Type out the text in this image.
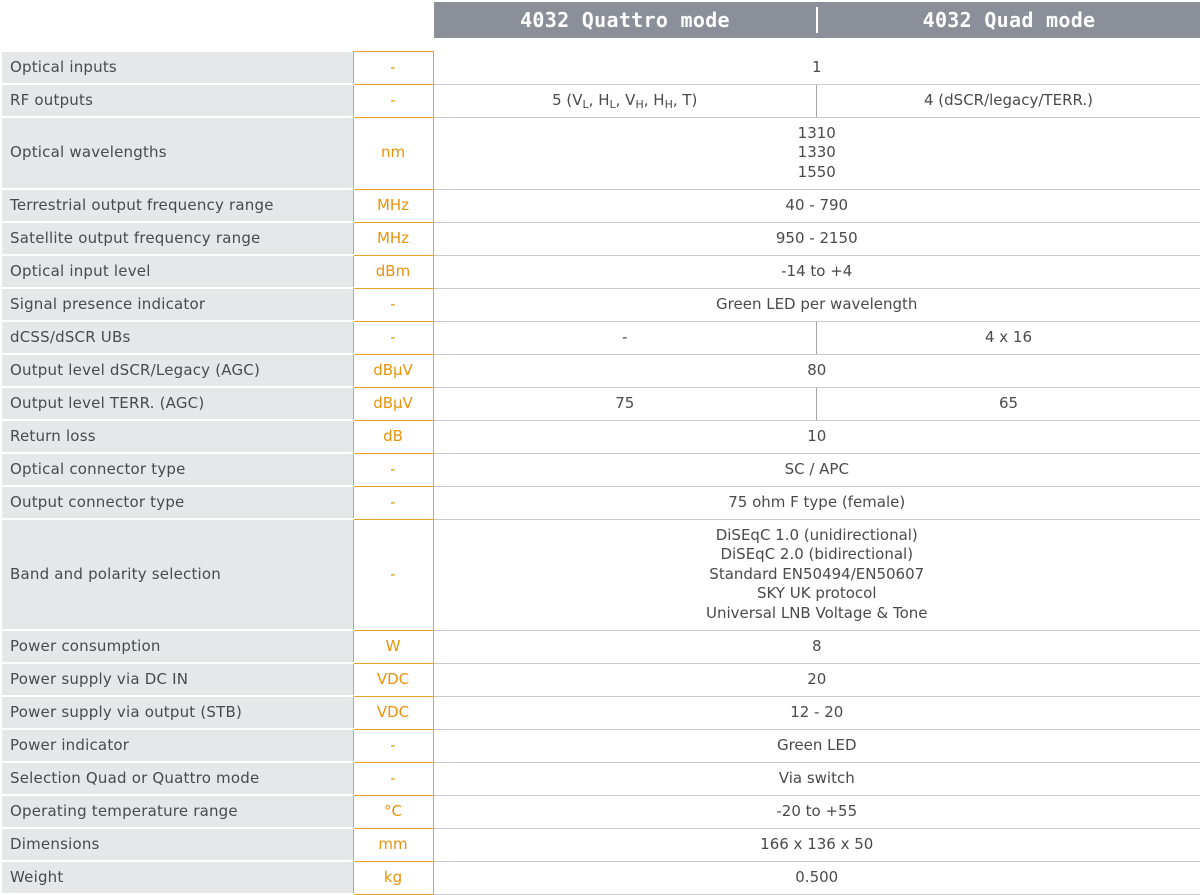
4032 Quattro mode	4032 Quad mode
Optical inputs	-	1	
RF outputs	-	5 ($V_L$, $H_L$, $V_H$, $H_H$, T)	4 (dSCR/legacy/TERR.)
Optical wavelengths	nm	1310
1330
1550	

Terrestrial output frequency range	MHz	40 - 790	
Satellite output frequency range	MHz	950 - 2150	
Optical input level	dBm	-14 to +4	
Signal presence indicator	-	Green LED per wavelength	
dCSS/dSCR UBs	-	-	4 x 16
Output level dSCR/Legacy (AGC)	dBµV	80	
Output level TERR. (AGC)	dBµV	75	65
Return loss	dB	10	
Optical connector type	-	SC / APC	
Output connector type	-	75 ohm F type (female)	
Band and polarity selection	-	DiSEqC 1.0 (unidirectional)
DiSEqC 2.0 (bidirectional)
Standard EN50494/EN50607
SKY UK protocol
Universal LNB Voltage & Tone	

Power consumption	W	8	
Power supply via DC IN	VDC	20	
Power supply via output (STB)	VDC	12 - 20	
Power indicator	-	Green LED	
Selection Quad or Quattro mode	-	Via switch	
Operating temperature range	°C	-20 to +55	
Dimensions	mm	166 x 136 x 50	
Weight	kg	0.500	
